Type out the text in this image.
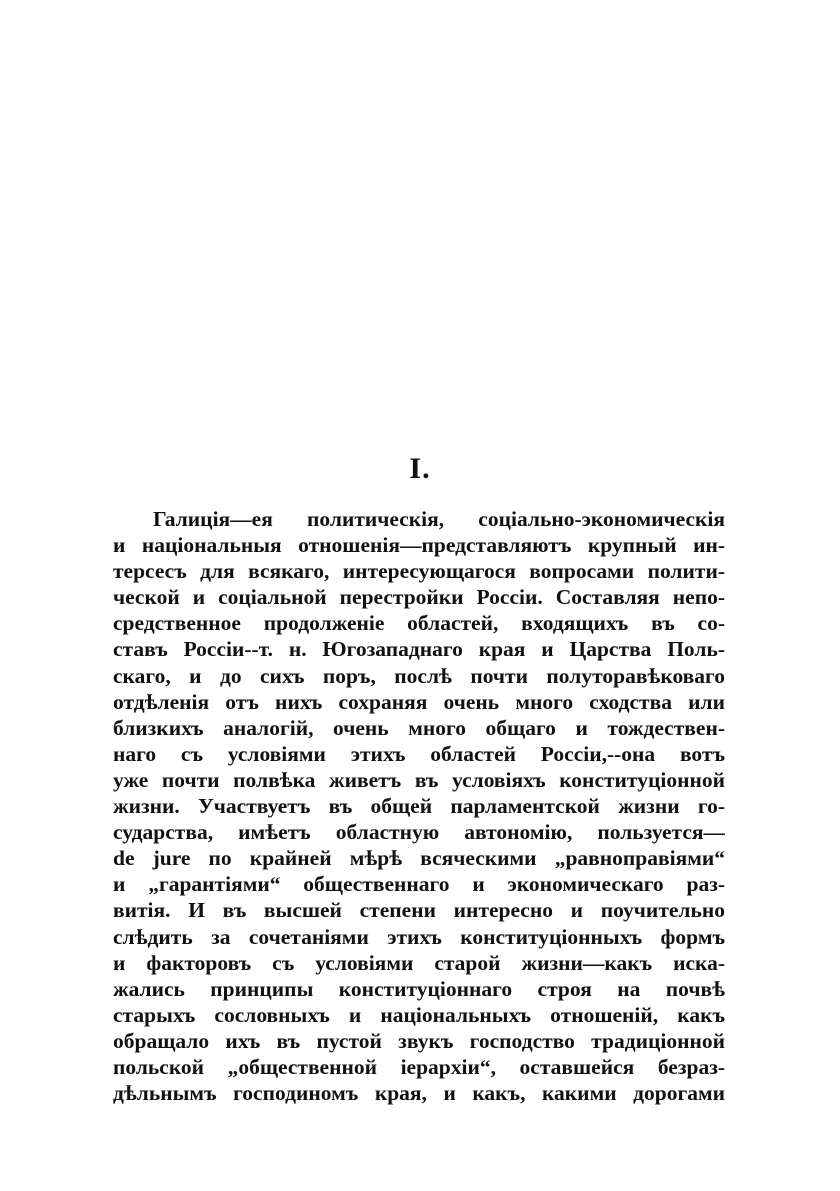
I.
Галиція—ея политическія, соціально-экономическія
и національныя отношенія—представляютъ крупный ин-
терсесъ для всякаго, интересующагося вопросами полити-
ческой и соціальной перестройки Россіи. Составляя непо-
средственное продолженіе областей, входящихъ въ со-
ставъ Россіи--т. н. Югозападнаго края и Царства Поль-
скаго, и до сихъ поръ, послѣ почти полуторавѣковаго
отдѣленія отъ нихъ сохраняя очень много сходства или
близкихъ аналогій, очень много общаго и тождествен-
наго съ условіями этихъ областей Россіи,--она вотъ
уже почти полвѣка живетъ въ условіяхъ конституціонной
жизни. Участвуетъ въ общей парламентской жизни го-
сударства, имѣетъ областную автономію, пользуется—
de jure по крайней мѣрѣ всяческими „равноправіями“
и „гарантіями“ общественнаго и экономическаго раз-
витія. И въ высшей степени интересно и поучительно
слѣдить за сочетаніями этихъ конституціонныхъ формъ
и факторовъ съ условіями старой жизни—какъ иска-
жались принципы конституціоннаго строя на почвѣ
старыхъ сословныхъ и національныхъ отношеній, какъ
обращало ихъ въ пустой звукъ господство традиціонной
польской „общественной іерархіи“, оставшейся безраз-
дѣльнымъ господиномъ края, и какъ, какими дорогами
